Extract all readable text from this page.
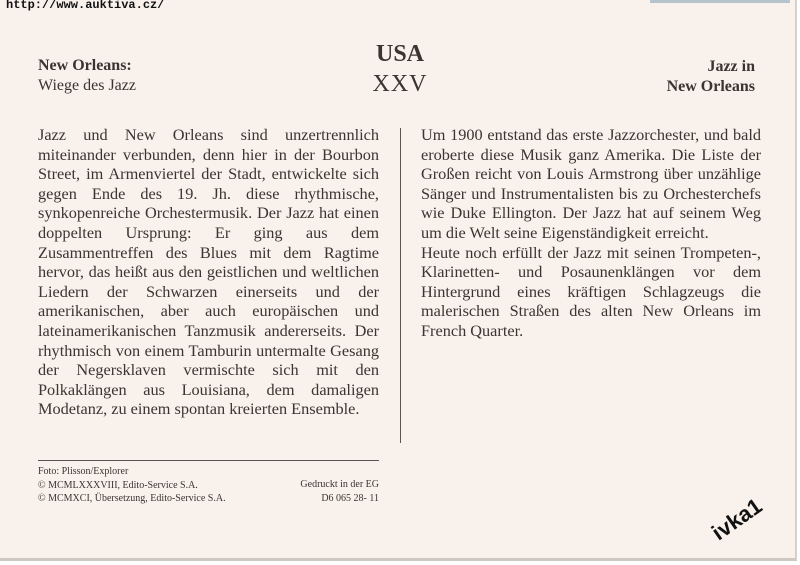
New Orleans:
Wiege des Jazz
USA
XXV
Jazz in
New Orleans

Jazz und New Orleans sind unzertrennlich miteinander verbunden, denn hier in der Bourbon Street, im Armenviertel der Stadt, entwickelte sich gegen Ende des 19. Jh. diese rhythmische, synkopenreiche Orchestermusik. Der Jazz hat einen doppelten Ursprung: Er ging aus dem Zusammentreffen des Blues mit dem Ragtime hervor, das heißt aus den geistlichen und weltlichen Liedern der Schwarzen einerseits und der amerikanischen, aber auch europäischen und lateinamerikanischen Tanzmusik andererseits. Der rhythmisch von einem Tamburin untermalte Gesang der Negersklaven vermischte sich mit den Polkaklängen aus Louisiana, dem damaligen Modetanz, zu einem spontan kreierten Ensemble.

Um 1900 entstand das erste Jazzorchester, und bald eroberte diese Musik ganz Amerika. Die Liste der Großen reicht von Louis Armstrong über unzählige Sänger und Instrumentalisten bis zu Orchesterchefs wie Duke Ellington. Der Jazz hat auf seinem Weg um die Welt seine Eigenständigkeit erreicht.

Heute noch erfüllt der Jazz mit seinen Trompeten-, Klarinetten- und Posaunenklängen vor dem Hintergrund eines kräftigen Schlagzeugs die malerischen Straßen des alten New Orleans im French Quarter.

Foto: Plisson/Explorer
© MCMLXXXVIII, Edito-Service S.A.
© MCMXCI, Übersetzung, Edito-Service S.A.
Gedruckt in der EG
D6 065 28- 11
http://www.auktiva.cz/
ivka1
